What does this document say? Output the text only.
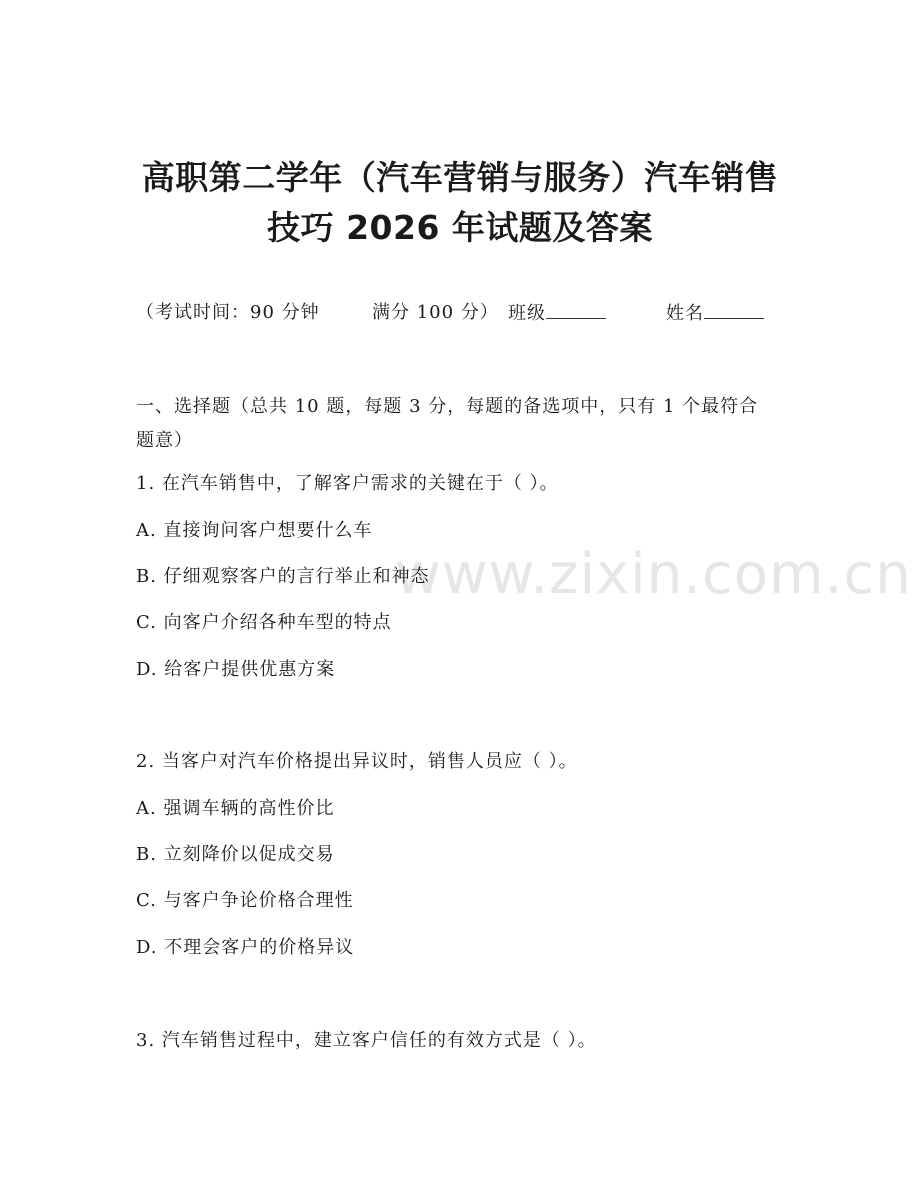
www.zixin.com.cn
高职第二学年（汽车营销与服务）汽车销售
技巧 2026 年试题及答案
（考试时间：90 分钟	满分 100 分） 班级	姓名
一、选择题（总共 10 题，每题 3 分，每题的备选项中，只有 1 个最符合题意）
1. 在汽车销售中，了解客户需求的关键在于（ ）。
A. 直接询问客户想要什么车
B. 仔细观察客户的言行举止和神态
C. 向客户介绍各种车型的特点
D. 给客户提供优惠方案
2. 当客户对汽车价格提出异议时，销售人员应（ ）。
A. 强调车辆的高性价比
B. 立刻降价以促成交易
C. 与客户争论价格合理性
D. 不理会客户的价格异议
3. 汽车销售过程中，建立客户信任的有效方式是（ ）。
